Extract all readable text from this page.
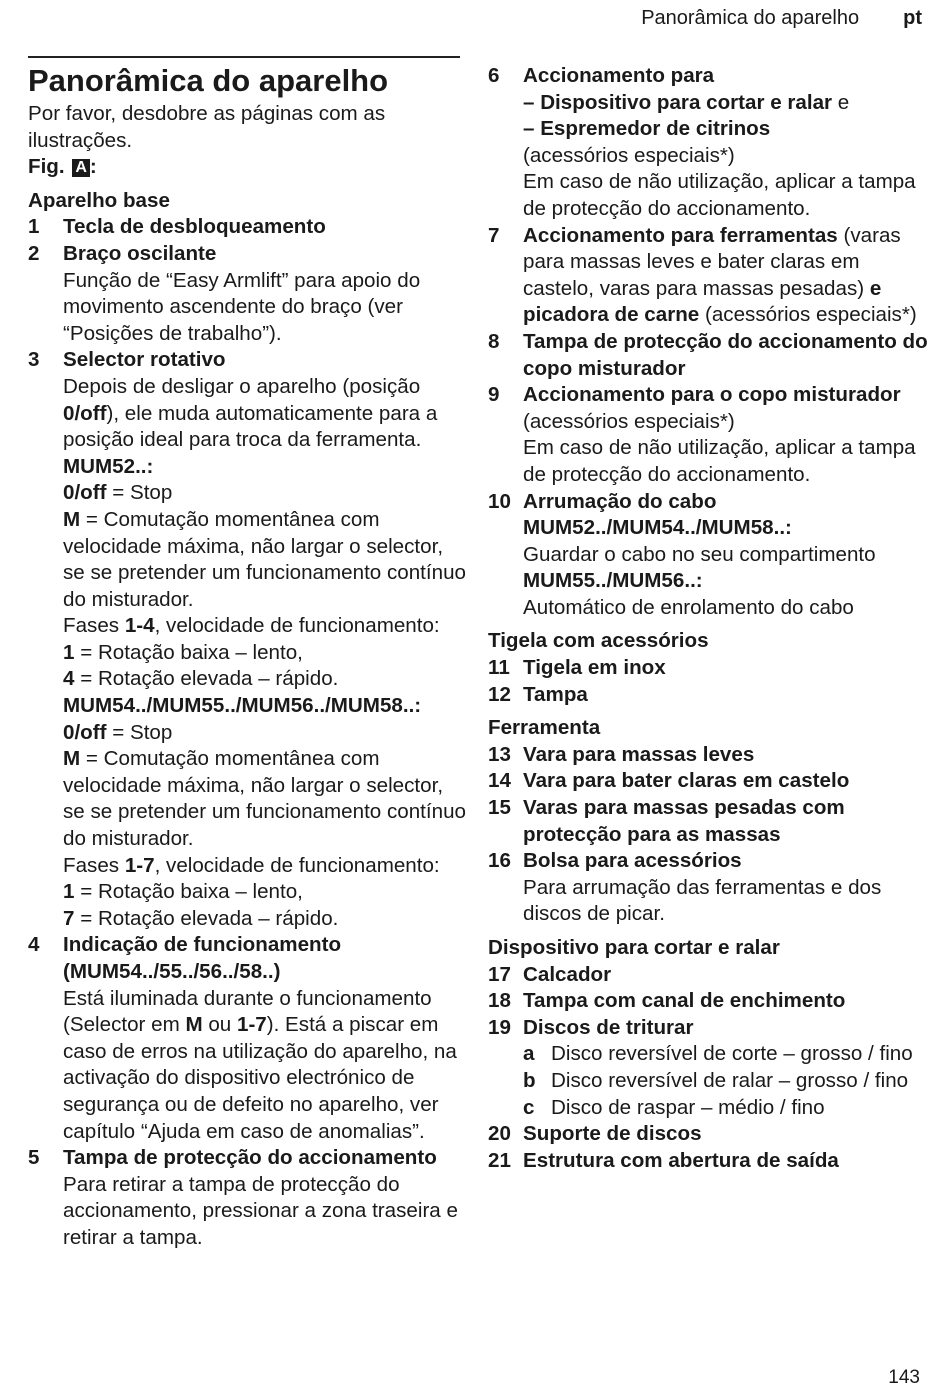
Panorâmica do aparelho pt
Panorâmica do aparelho

Por favor, desdobre as páginas com as ilustrações.

Fig. A :

Aparelho base
1	Tecla de desbloqueamento
2	Braço oscilante
Função de “Easy Armlift” para apoio do movimento ascendente do braço (ver “Posições de trabalho”).
3	Selector rotativo
Depois de desligar o aparelho (posição 0/off), ele muda automaticamente para a posição ideal para troca da ferramenta.
MUM52..:
0/off = Stop
M = Comutação momentânea com velocidade máxima, não largar o selector, se se pretender um funcionamento contínuo do misturador.
Fases 1-4, velocidade de funcionamento:
1 = Rotação baixa – lento,
4 = Rotação elevada – rápido.
MUM54../MUM55../MUM56../MUM58..:
0/off = Stop
M = Comutação momentânea com velocidade máxima, não largar o selector, se se pretender um funcionamento contínuo do misturador.
Fases 1-7, velocidade de funcionamento:
1 = Rotação baixa – lento,
7 = Rotação elevada – rápido.
4	Indicação de funcionamento (MUM54../55../56../58..)
Está iluminada durante o funcionamento (Selector em M ou 1-7). Está a piscar em caso de erros na utilização do aparelho, na activação do dispositivo electrónico de segurança ou de defeito no aparelho, ver capítulo “Ajuda em caso de anomalias”.
5	Tampa de protecção do accionamento
Para retirar a tampa de protecção do accionamento, pressionar a zona traseira e retirar a tampa.
6	Accionamento para
– Dispositivo para cortar e ralar e
– Espremedor de citrinos
(acessórios especiais*)
Em caso de não utilização, aplicar a tampa de protecção do accionamento.
7	Accionamento para ferramentas (varas para massas leves e bater claras em castelo, varas para massas pesadas) e picadora de carne (acessórios especiais*)
8	Tampa de protecção do accionamento do copo misturador
9	Accionamento para o copo misturador (acessórios especiais*)
Em caso de não utilização, aplicar a tampa de protecção do accionamento.
10 Arrumação do cabo
MUM52../MUM54../MUM58..:
Guardar o cabo no seu compartimento
MUM55../MUM56..:
Automático de enrolamento do cabo
Tigela com acessórios
11 Tigela em inox
12 Tampa
Ferramenta
13 Vara para massas leves
14 Vara para bater claras em castelo
15 Varas para massas pesadas com protecção para as massas
16 Bolsa para acessórios
Para arrumação das ferramentas e dos discos de picar.
Dispositivo para cortar e ralar
17 Calcador
18 Tampa com canal de enchimento
19 Discos de triturar
a Disco reversível de corte – grosso / fino
b Disco reversível de ralar – grosso / fino
c Disco de raspar – médio / fino
20 Suporte de discos
21 Estrutura com abertura de saída
143
